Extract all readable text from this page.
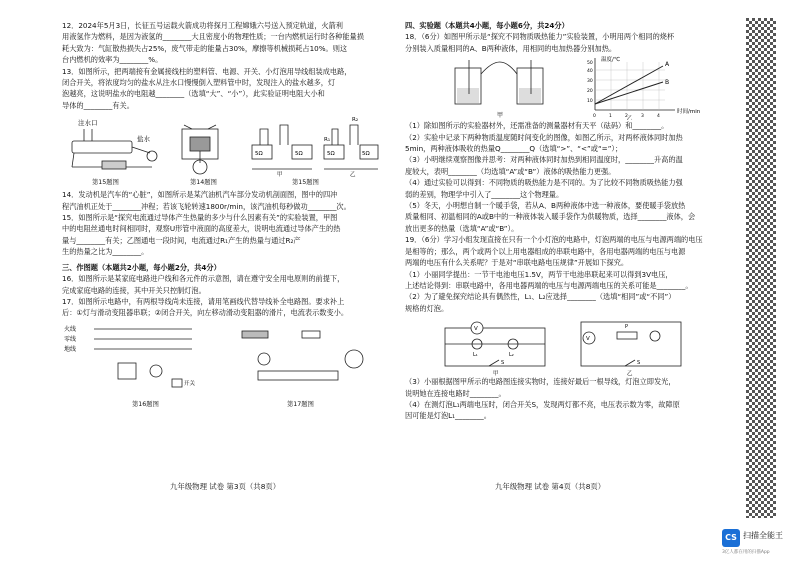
12．2024年5月3日，长征五号运载火箭成功将探月工程嫦娥六号送入预定轨道，火箭利

用液氢作为燃料，是因为液氢的________大且密度小的物理性质；一台内燃机运行时各种能量损

耗大致为：气缸散热损失占25%，废气带走的能量占30%，摩擦等机械损耗占10%。则这

台内燃机的效率为________%。

13．如图所示，把两端接有金属接线柱的塑料管、电源、开关、小灯泡用导线组装成电路，

闭合开关，将浓度均匀的盐水从注水口慢慢倒入塑料管中时，发现注入的盐水越多，灯

泡越亮，这说明盐水的电阻越________（选填“大”、“小”），此实验证明电阻大小和

导体的________有关。

注水口
盐水
5Ω	5Ω	5Ω	5Ω
R₂
R₁
甲	乙
第15题图	第14题图	第15题图

14．发动机是汽车的“心脏”，如图所示是某汽油机汽车部分发动机剖面图，图中的四冲

程汽油机正处于________冲程；若该飞轮转速1800r/min，该汽油机每秒做功________次。

15．如图所示是“探究电流通过导体产生热量的多少与什么因素有关”的实验装置，甲图

中的电阻丝通电时间相同时，观察U形管中液面的高度差大，说明电流通过导体产生的热

量与________有关；乙图通电一段时间，电流通过R₁产生的热量与通过R₂产

生的热量之比为________。

三、作图题（本题共2小题，每小题2分，共4分）

16．如图所示是某家庭电路进户线和各元件的示意图，请在遵守安全用电原则的前提下，

完成家庭电路的连接，其中开关只控制灯泡。

17．如图所示电路中，有两根导线尚未连接，请用笔画线代替导线补全电路图。要求补上

后：①灯与滑动变阻器串联；②闭合开关，向左移动滑动变阻器的滑片，电流表示数变小。

火线
零线
地线
开关
第16题图	第17题图
九年级物理 试卷 第3页（共8页）

四、实验题（本题共4小题，每小题6分，共24分）

18．（6分）如图甲所示是“探究不同物质吸热能力”实验装置，小明用两个相同的烧杯

分别装入质量相同的A、B两种液体，用相同的电加热器分别加热。

甲
A
B
温度/℃
时间/min
10
20
30
40
50
0	1	2	3	4
乙

（1）除如图所示的实验器材外，还需准备的测量器材有天平（砝码）和________。

（2）实验中记录下两种物质温度随时间变化的图像，如图乙所示，对两杯液体同时加热

5min，两种液体吸收的热量Q________Q（选填“>”、“<”或“=”）；

（3）小明继续观察图像并思考：对两种液体同时加热到相同温度时，________升高的温

度较大，表明________（均选填“A”或“B”）液体的吸热能力更强。

（4）通过实验可以得到：不同物质的吸热能力是不同的。为了比较不同物质吸热能力强

弱的差别，物理学中引入了________这个物理量。

（5）冬天，小明想自制一个暖手袋，若从A、B两种液体中选一种液体，要使暖手袋放热

质量相同、初温相同的A或B中的一种液体装入暖手袋作为供暖物质，选择________液体，会

放出更多的热量（选填“A”或“B”）。

19．（6分）学习小组发现直接在只有一个小灯泡的电路中，灯泡两端的电压与电源两端的电压

是相等的；那么，两个或两个以上用电器组成的串联电路中，各用电器两端的电压与电源

两端的电压有什么关系呢？于是对“串联电路电压规律”开展如下探究。

（1）小丽同学提出：一节干电池电压1.5V，两节干电池串联起来可以得到3V电压，

上述结论得到：串联电路中，各用电器两端的电压与电源两端电压的关系可能是________。

（2）为了避免探究结论具有偶然性，L₁、L₂应选择________（选填“相同”或“不同”）

规格的灯泡。

V
L₁	L₂
S
甲
V
P
S
乙

（3）小丽根据图甲所示的电路图连接实物时，连接好最后一根导线，灯泡立即发光，

说明她在连接电路时________。

（4）在测灯泡L₁两端电压时，闭合开关S，发现两灯都不亮，电压表示数为零，故障原

因可能是灯泡L₁________。

九年级物理 试卷 第4页（共8页）
CS 扫描全能王
3亿人都在用的扫描App
